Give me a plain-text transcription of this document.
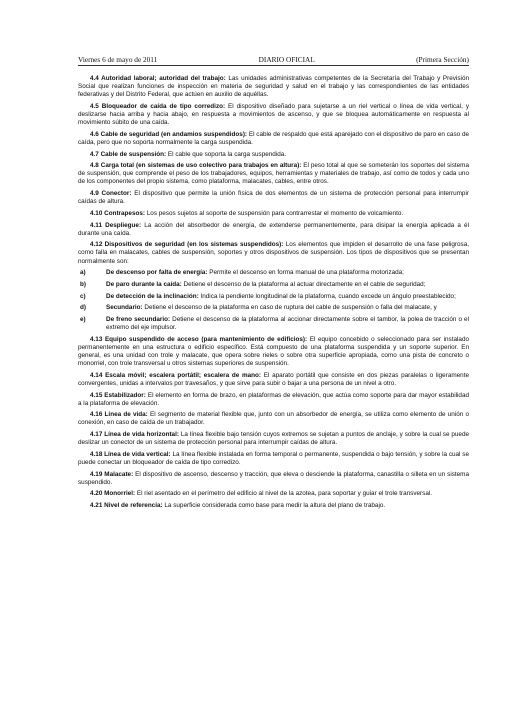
Viernes 6 de mayo de 2011	DIARIO OFICIAL	(Primera Sección)

4.4 Autoridad laboral; autoridad del trabajo: Las unidades administrativas competentes de la Secretaría del Trabajo y Previsión Social que realizan funciones de inspección en materia de seguridad y salud en el trabajo y las correspondientes de las entidades federativas y del Distrito Federal, que actúen en auxilio de aquéllas.

4.5 Bloqueador de caída de tipo corredizo: El dispositivo diseñado para sujetarse a un riel vertical o línea de vida vertical, y deslizarse hacia arriba y hacia abajo, en respuesta a movimientos de ascenso, y que se bloquea automáticamente en respuesta al movimiento súbito de una caída.

4.6 Cable de seguridad (en andamios suspendidos): El cable de respaldo que está aparejado con el dispositivo de paro en caso de caída, pero que no soporta normalmente la carga suspendida.

4.7 Cable de suspensión: El cable que soporta la carga suspendida.

4.8 Carga total (en sistemas de uso colectivo para trabajos en altura): El peso total al que se someterán los soportes del sistema de suspensión, que comprende el peso de los trabajadores, equipos, herramientas y materiales de trabajo, así como de todos y cada uno de los componentes del propio sistema, como plataforma, malacates, cables, entre otros.

4.9 Conector: El dispositivo que permite la unión física de dos elementos de un sistema de protección personal para interrumpir caídas de altura.

4.10 Contrapesos: Los pesos sujetos al soporte de suspensión para contrarrestar el momento de volcamiento.

4.11 Despliegue: La acción del absorbedor de energía, de extenderse permanentemente, para disipar la energía aplicada a él durante una caída.

4.12 Dispositivos de seguridad (en los sistemas suspendidos): Los elementos que impiden el desarrollo de una fase peligrosa, como falla en malacates, cables de suspensión, soportes y otros dispositivos de suspensión. Los tipos de dispositivos que se presentan normalmente son:

a)	De descenso por falta de energía: Permite el descenso en forma manual de una plataforma motorizada;
b)	De paro durante la caída: Detiene el descenso de la plataforma al actuar directamente en el cable de seguridad;
c)	De detección de la inclinación: Indica la pendiente longitudinal de la plataforma, cuando excede un ángulo preestablecido;
d)	Secundario: Detiene el descenso de la plataforma en caso de ruptura del cable de suspensión o falla del malacate, y
e)	De freno secundario: Detiene el descenso de la plataforma al accionar directamente sobre el tambor, la polea de tracción o el extremo del eje impulsor.

4.13 Equipo suspendido de acceso (para mantenimiento de edificios): El equipo concebido o seleccionado para ser instalado permanentemente en una estructura o edificio específico. Está compuesto de una plataforma suspendida y un soporte superior. En general, es una unidad con trole y malacate, que opera sobre rieles o sobre otra superficie apropiada, como una pista de concreto o monorriel, con trole transversal u otros sistemas superiores de suspensión.

4.14 Escala móvil; escalera portátil; escalera de mano: El aparato portátil que consiste en dos piezas paralelas o ligeramente convergentes, unidas a intervalos por travesaños, y que sirve para subir o bajar a una persona de un nivel a otro.

4.15 Estabilizador: El elemento en forma de brazo, en plataformas de elevación, que actúa como soporte para dar mayor estabilidad a la plataforma de elevación.

4.16 Línea de vida: El segmento de material flexible que, junto con un absorbedor de energía, se utiliza como elemento de unión o conexión, en caso de caída de un trabajador.

4.17 Línea de vida horizontal: La línea flexible bajo tensión cuyos extremos se sujetan a puntos de anclaje, y sobre la cual se puede deslizar un conector de un sistema de protección personal para interrumpir caídas de altura.

4.18 Línea de vida vertical: La línea flexible instalada en forma temporal o permanente, suspendida o bajo tensión, y sobre la cual se puede conectar un bloqueador de caída de tipo corredizo.

4.19 Malacate: El dispositivo de ascenso, descenso y tracción, que eleva o desciende la plataforma, canastilla o silleta en un sistema suspendido.

4.20 Monorriel: El riel asentado en el perímetro del edificio al nivel de la azotea, para soportar y guiar el trole transversal.

4.21 Nivel de referencia: La superficie considerada como base para medir la altura del plano de trabajo.
